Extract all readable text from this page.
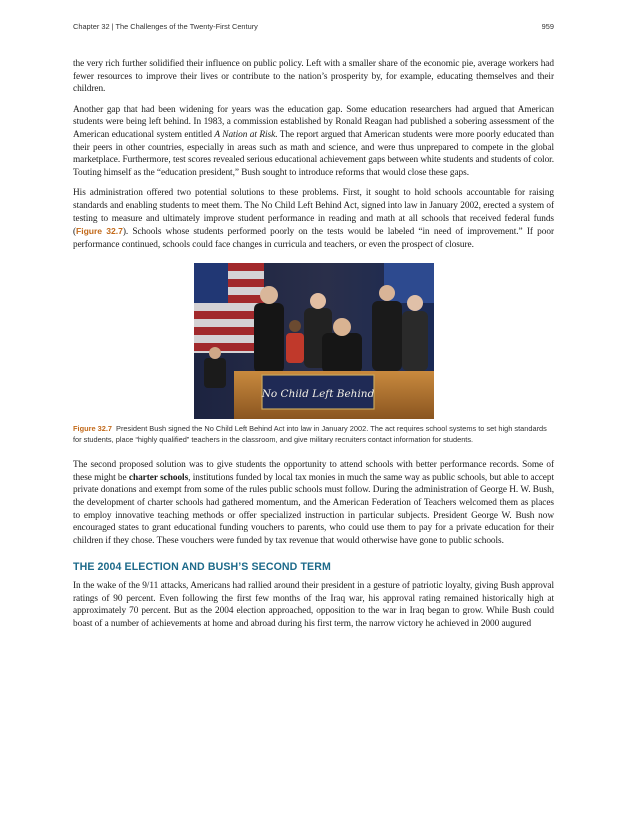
Chapter 32 | The Challenges of the Twenty-First Century	959

the very rich further solidified their influence on public policy. Left with a smaller share of the economic pie, average workers had fewer resources to improve their lives or contribute to the nation’s prosperity by, for example, educating themselves and their children.

Another gap that had been widening for years was the education gap. Some education researchers had argued that American students were being left behind. In 1983, a commission established by Ronald Reagan had published a sobering assessment of the American educational system entitled A Nation at Risk. The report argued that American students were more poorly educated than their peers in other countries, especially in areas such as math and science, and were thus unprepared to compete in the global marketplace. Furthermore, test scores revealed serious educational achievement gaps between white students and students of color. Touting himself as the “education president,” Bush sought to introduce reforms that would close these gaps.

His administration offered two potential solutions to these problems. First, it sought to hold schools accountable for raising standards and enabling students to meet them. The No Child Left Behind Act, signed into law in January 2002, erected a system of testing to measure and ultimately improve student performance in reading and math at all schools that received federal funds (Figure 32.7). Schools whose students performed poorly on the tests would be labeled “in need of improvement.” If poor performance continued, schools could face changes in curricula and teachers, or even the prospect of closure.

No Child Left Behind
Figure 32.7 President Bush signed the No Child Left Behind Act into law in January 2002. The act requires school systems to set high standards for students, place “highly qualified” teachers in the classroom, and give military recruiters contact information for students.

The second proposed solution was to give students the opportunity to attend schools with better performance records. Some of these might be charter schools, institutions funded by local tax monies in much the same way as public schools, but able to accept private donations and exempt from some of the rules public schools must follow. During the administration of George H. W. Bush, the development of charter schools had gathered momentum, and the American Federation of Teachers welcomed them as places to employ innovative teaching methods or offer specialized instruction in particular subjects. President George W. Bush now encouraged states to grant educational funding vouchers to parents, who could use them to pay for a private education for their children if they chose. These vouchers were funded by tax revenue that would otherwise have gone to public schools.

THE 2004 ELECTION AND BUSH’S SECOND TERM

In the wake of the 9/11 attacks, Americans had rallied around their president in a gesture of patriotic loyalty, giving Bush approval ratings of 90 percent. Even following the first few months of the Iraq war, his approval rating remained historically high at approximately 70 percent. But as the 2004 election approached, opposition to the war in Iraq began to grow. While Bush could boast of a number of achievements at home and abroad during his first term, the narrow victory he achieved in 2000 augured
